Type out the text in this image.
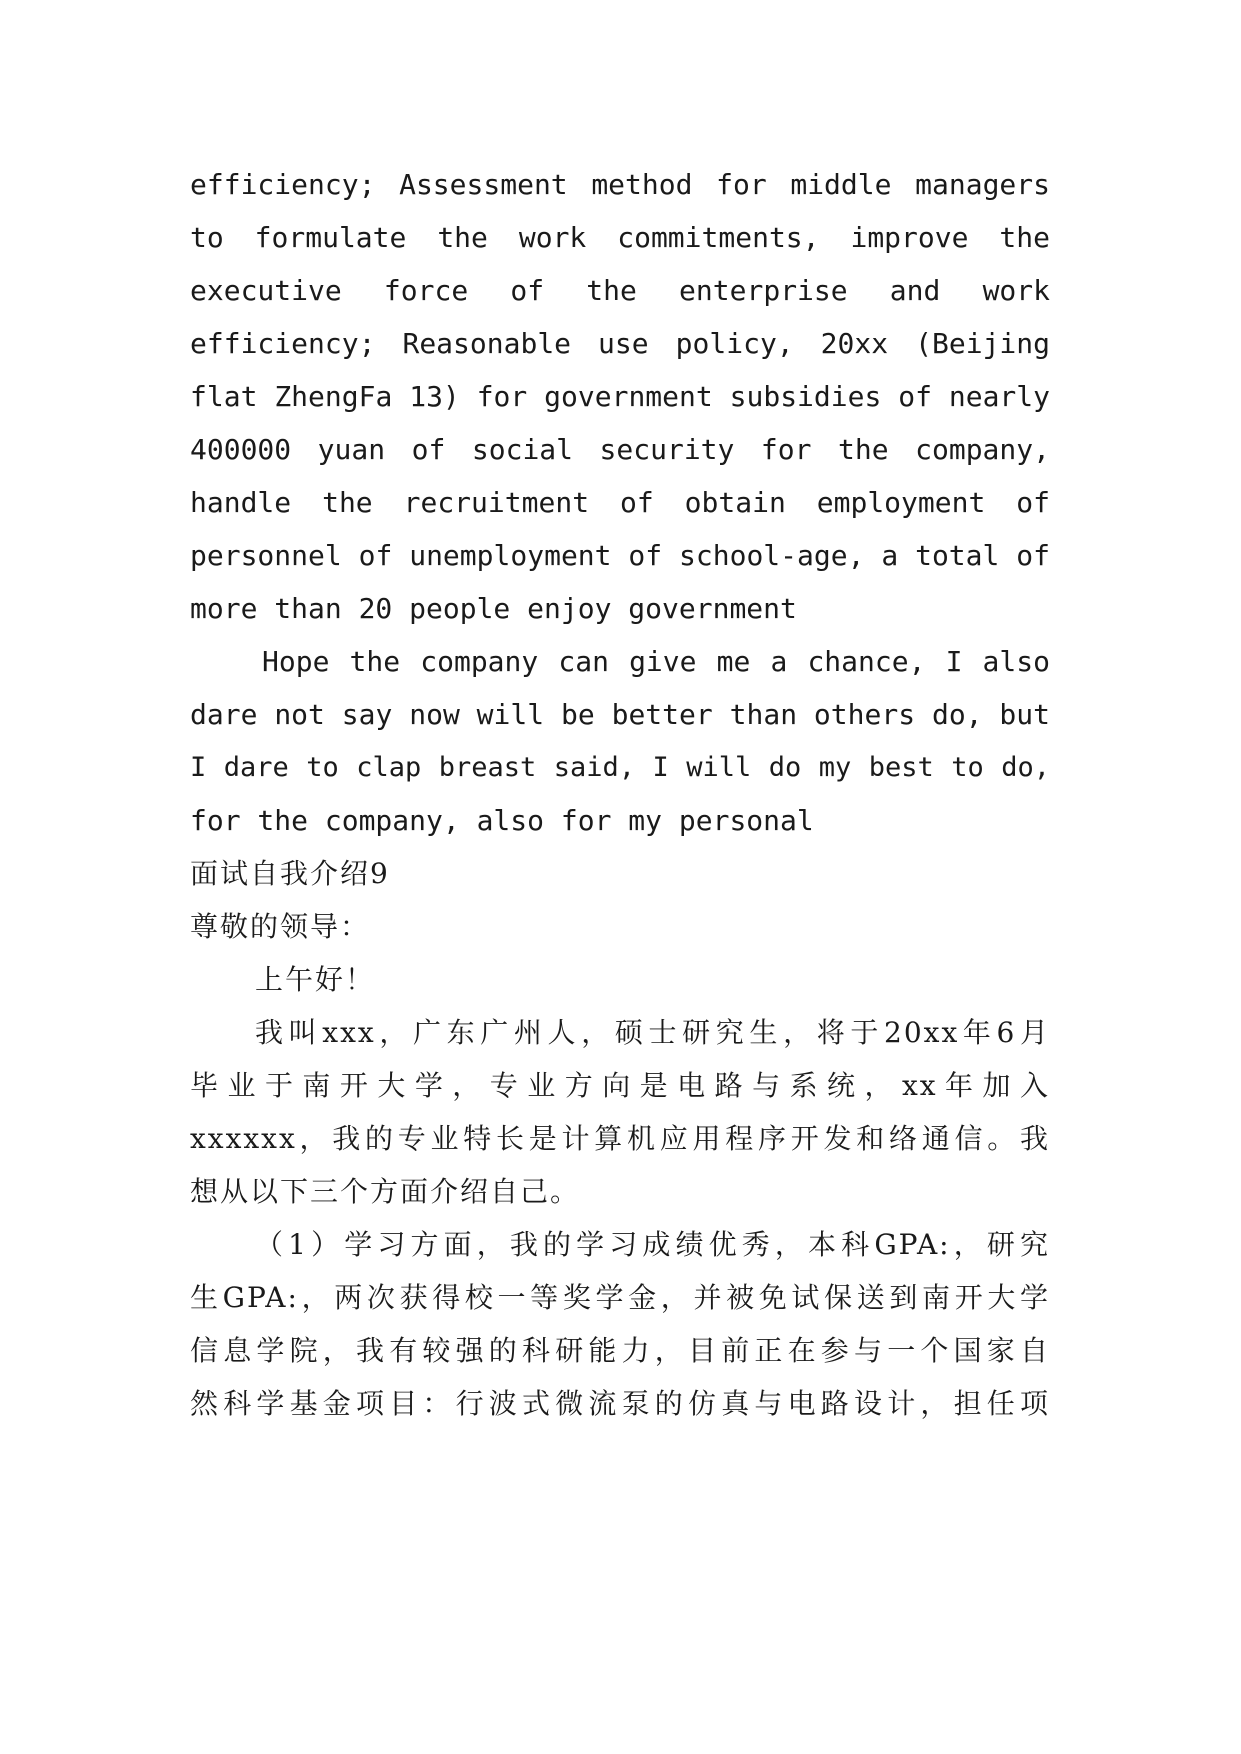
efficiency; Assessment method for middle managers
to formulate the work commitments, improve the
executive force of the enterprise and work
efficiency; Reasonable use policy, 20xx (Beijing
flat ZhengFa 13) for government subsidies of nearly
400000 yuan of social security for the company,
handle the recruitment of obtain employment of
personnel of unemployment of school-age, a total of
more than 20 people enjoy government
Hope the company can give me a chance, I also
dare not say now will be better than others do, but
I dare to clap breast said, I will do my best to do,
for the company, also for my personal
面试自我介绍9
尊敬的领导：
上午好！
我叫xxx，广东广州人，硕士研究生，将于20xx年6月
毕业于南开大学，专业方向是电路与系统，xx年加入
xxxxxx，我的专业特长是计算机应用程序开发和络通信。我
想从以下三个方面介绍自己。
（1）学习方面，我的学习成绩优秀，本科GPA:，研究
生GPA:，两次获得校一等奖学金，并被免试保送到南开大学
信息学院，我有较强的科研能力，目前正在参与一个国家自
然科学基金项目：行波式微流泵的仿真与电路设计，担任项
